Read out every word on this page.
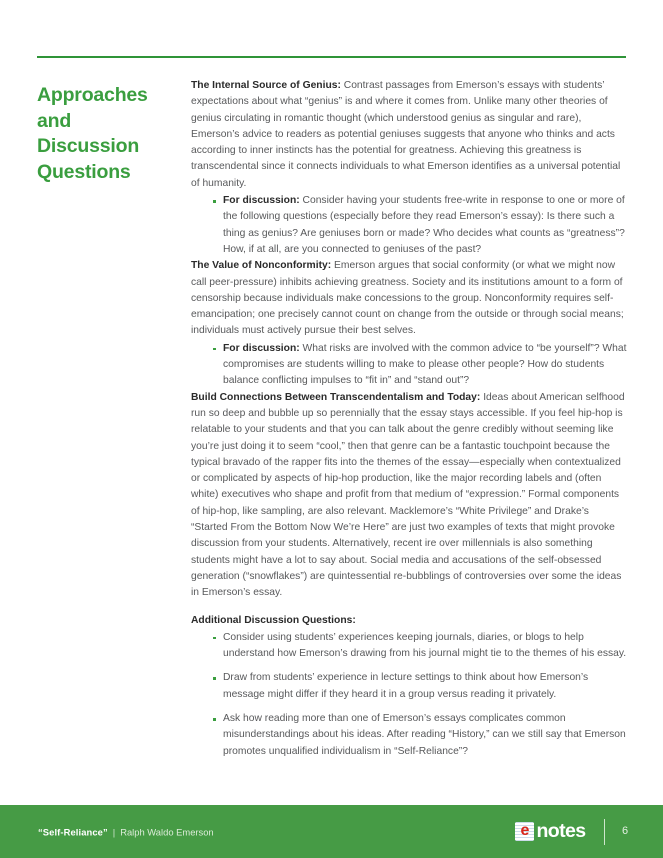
Approaches and Discussion Questions

The Internal Source of Genius: Contrast passages from Emerson’s essays with students’ expectations about what “genius” is and where it comes from. Unlike many other theories of genius circulating in romantic thought (which understood genius as singular and rare), Emerson’s advice to readers as potential geniuses suggests that anyone who thinks and acts according to inner instincts has the potential for greatness. Achieving this greatness is transcendental since it connects individuals to what Emerson identifies as a universal potential of humanity.

For discussion: Consider having your students free-write in response to one or more of the following questions (especially before they read Emerson’s essay): Is there such a thing as genius? Are geniuses born or made? Who decides what counts as “greatness”? How, if at all, are you connected to geniuses of the past?

The Value of Nonconformity: Emerson argues that social conformity (or what we might now call peer-pressure) inhibits achieving greatness. Society and its institutions amount to a form of censorship because individuals make concessions to the group. Nonconformity requires self-emancipation; one precisely cannot count on change from the outside or through social means; individuals must actively pursue their best selves.

For discussion: What risks are involved with the common advice to “be yourself”? What compromises are students willing to make to please other people? How do students balance conflicting impulses to “fit in” and “stand out”?

Build Connections Between Transcendentalism and Today: Ideas about American selfhood run so deep and bubble up so perennially that the essay stays accessible. If you feel hip-hop is relatable to your students and that you can talk about the genre credibly without seeming like you’re just doing it to seem “cool,” then that genre can be a fantastic touchpoint because the typical bravado of the rapper fits into the themes of the essay—especially when contextualized or complicated by aspects of hip-hop production, like the major recording labels and (often white) executives who shape and profit from that medium of “expression.” Formal components of hip-hop, like sampling, are also relevant. Macklemore’s “White Privilege” and Drake’s “Started From the Bottom Now We’re Here” are just two examples of texts that might provoke discussion from your students. Alternatively, recent ire over millennials is also something students might have a lot to say about. Social media and accusations of the self-obsessed generation (“snowflakes”) are quintessential re-bubblings of controversies over some the ideas in Emerson’s essay.

Additional Discussion Questions:

Consider using students’ experiences keeping journals, diaries, or blogs to help understand how Emerson’s drawing from his journal might tie to the themes of his essay.
Draw from students’ experience in lecture settings to think about how Emerson’s message might differ if they heard it in a group versus reading it privately.
Ask how reading more than one of Emerson’s essays complicates common misunderstandings about his ideas. After reading “History,” can we still say that Emerson promotes unqualified individualism in “Self-Reliance”?
“Self-Reliance” | Ralph Waldo Emerson	e notes	6
